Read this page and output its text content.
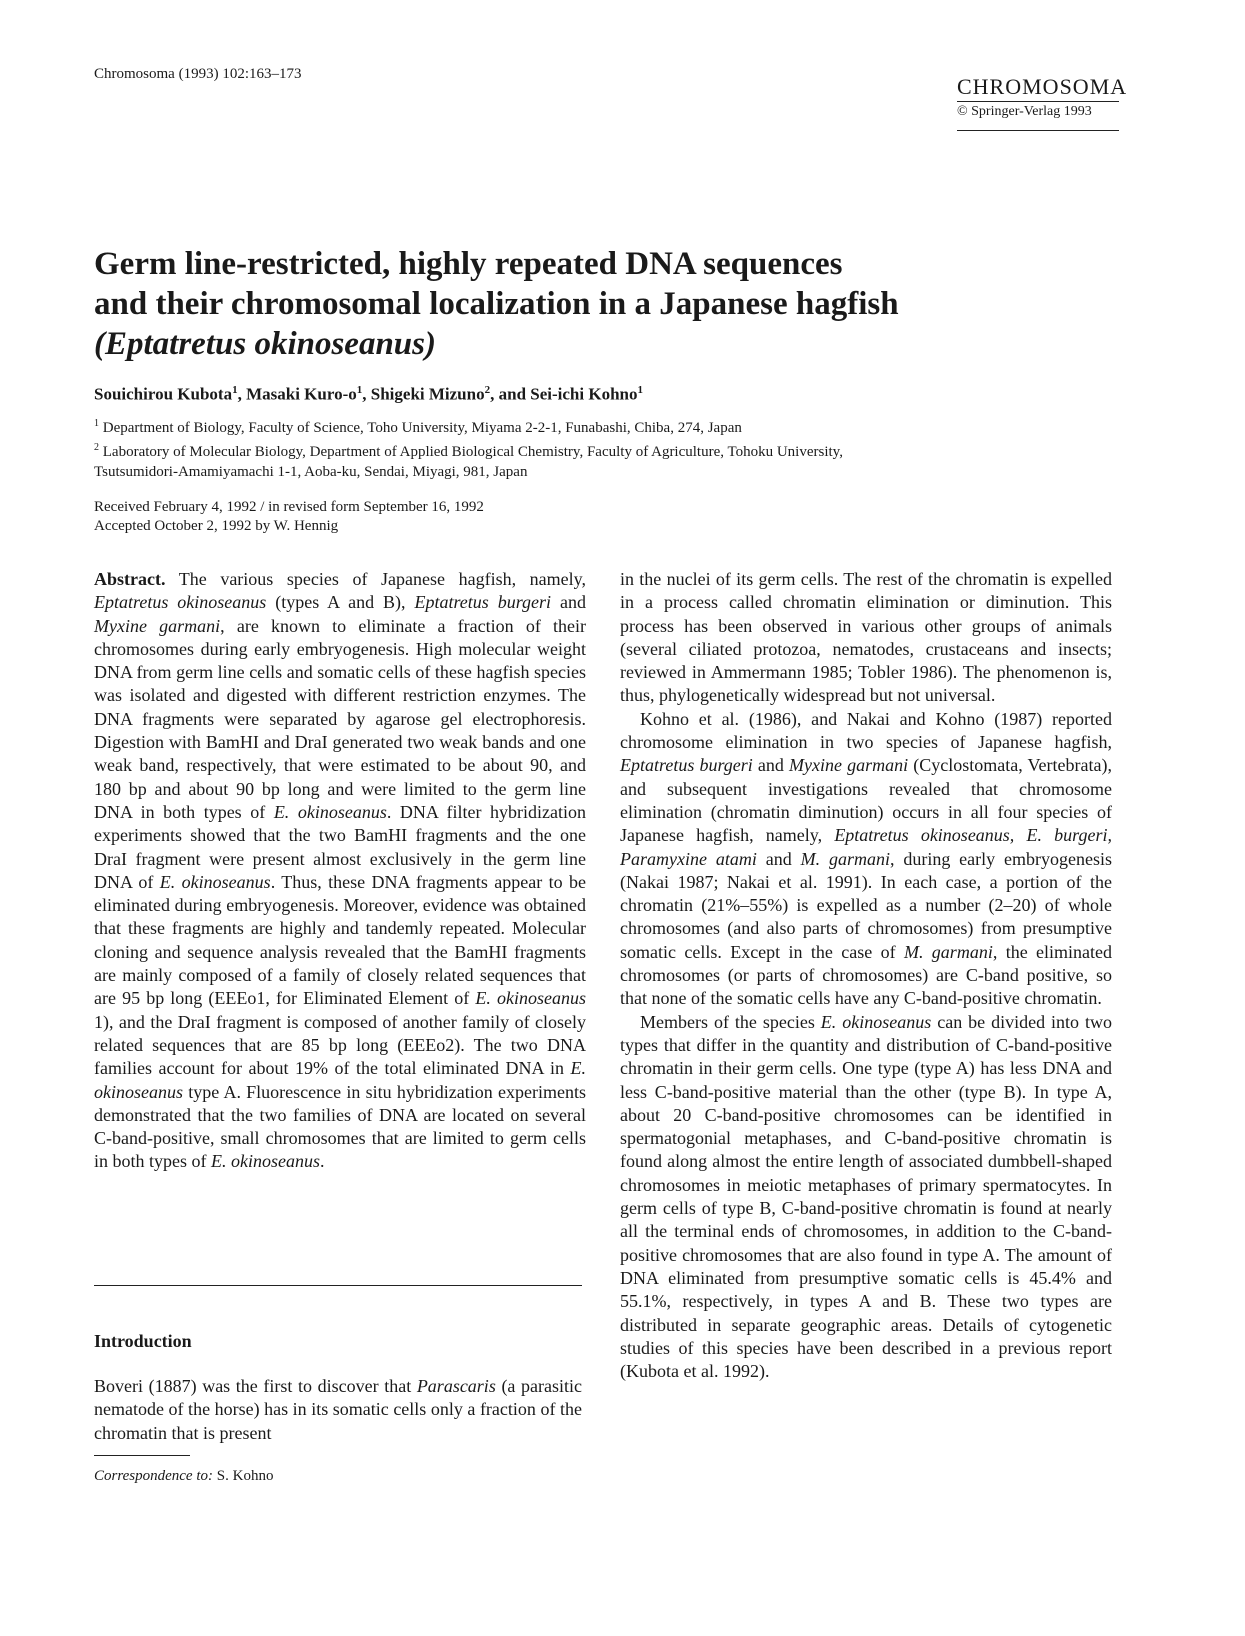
Chromosoma (1993) 102:163–173	CHROMOSOMA
© Springer-Verlag 1993
Germ line-restricted, highly repeated DNA sequences
and their chromosomal localization in a Japanese hagfish
(Eptatretus okinoseanus)
Souichirou Kubota$^1$, Masaki Kuro-$o^1$, Shigeki Mizuno$^2$, and Sei-ichi Kohno$^1$
$^1$ Department of Biology, Faculty of Science, Toho University, Miyama 2-2-1, Funabashi, Chiba, 274, Japan
$^2$ Laboratory of Molecular Biology, Department of Applied Biological Chemistry, Faculty of Agriculture, Tohoku University,
Tsutsumidori-Amamiyamachi 1-1, Aoba-ku, Sendai, Miyagi, 981, Japan
Received February 4, 1992 / in revised form September 16, 1992
Accepted October 2, 1992 by W. Hennig

Abstract. The various species of Japanese hagfish, namely, Eptatretus okinoseanus (types A and B), Eptatretus burgeri and Myxine garmani, are known to eliminate a fraction of their chromosomes during early embryogenesis. High molecular weight DNA from germ line cells and somatic cells of these hagfish species was isolated and digested with different restriction enzymes. The DNA fragments were separated by agarose gel electrophoresis. Digestion with BamHI and DraI generated two weak bands and one weak band, respectively, that were estimated to be about 90, and 180 bp and about 90 bp long and were limited to the germ line DNA in both types of E. okinoseanus. DNA filter hybridization experiments showed that the two BamHI fragments and the one DraI fragment were present almost exclusively in the germ line DNA of E. okinoseanus. Thus, these DNA fragments appear to be eliminated during embryogenesis. Moreover, evidence was obtained that these fragments are highly and tandemly repeated. Molecular cloning and sequence analysis revealed that the BamHI fragments are mainly composed of a family of closely related sequences that are 95 bp long (EEEo1, for Eliminated Element of E. okinoseanus 1), and the DraI fragment is composed of another family of closely related sequences that are 85 bp long (EEEo2). The two DNA families account for about 19% of the total eliminated DNA in E. okinoseanus type A. Fluorescence in situ hybridization experiments demonstrated that the two families of DNA are located on several C-band-positive, small chromosomes that are limited to germ cells in both types of E. okinoseanus.

Introduction

Boveri (1887) was the first to discover that Parascaris (a parasitic nematode of the horse) has in its somatic cells only a fraction of the chromatin that is present

Correspondence to: S. Kohno

in the nuclei of its germ cells. The rest of the chromatin is expelled in a process called chromatin elimination or diminution. This process has been observed in various other groups of animals (several ciliated protozoa, nematodes, crustaceans and insects; reviewed in Ammermann 1985; Tobler 1986). The phenomenon is, thus, phylogenetically widespread but not universal.

Kohno et al. (1986), and Nakai and Kohno (1987) reported chromosome elimination in two species of Japanese hagfish, Eptatretus burgeri and Myxine garmani (Cyclostomata, Vertebrata), and subsequent investigations revealed that chromosome elimination (chromatin diminution) occurs in all four species of Japanese hagfish, namely, Eptatretus okinoseanus, E. burgeri, Paramyxine atami and M. garmani, during early embryogenesis (Nakai 1987; Nakai et al. 1991). In each case, a portion of the chromatin (21%–55%) is expelled as a number (2–20) of whole chromosomes (and also parts of chromosomes) from presumptive somatic cells. Except in the case of M. garmani, the eliminated chromosomes (or parts of chromosomes) are C-band positive, so that none of the somatic cells have any C-band-positive chromatin.

Members of the species E. okinoseanus can be divided into two types that differ in the quantity and distribution of C-band-positive chromatin in their germ cells. One type (type A) has less DNA and less C-band-positive material than the other (type B). In type A, about 20 C-band-positive chromosomes can be identified in spermatogonial metaphases, and C-band-positive chromatin is found along almost the entire length of associated dumbbell-shaped chromosomes in meiotic metaphases of primary spermatocytes. In germ cells of type B, C-band-positive chromatin is found at nearly all the terminal ends of chromosomes, in addition to the C-band-positive chromosomes that are also found in type A. The amount of DNA eliminated from presumptive somatic cells is 45.4% and 55.1%, respectively, in types A and B. These two types are distributed in separate geographic areas. Details of cytogenetic studies of this species have been described in a previous report (Kubota et al. 1992).
